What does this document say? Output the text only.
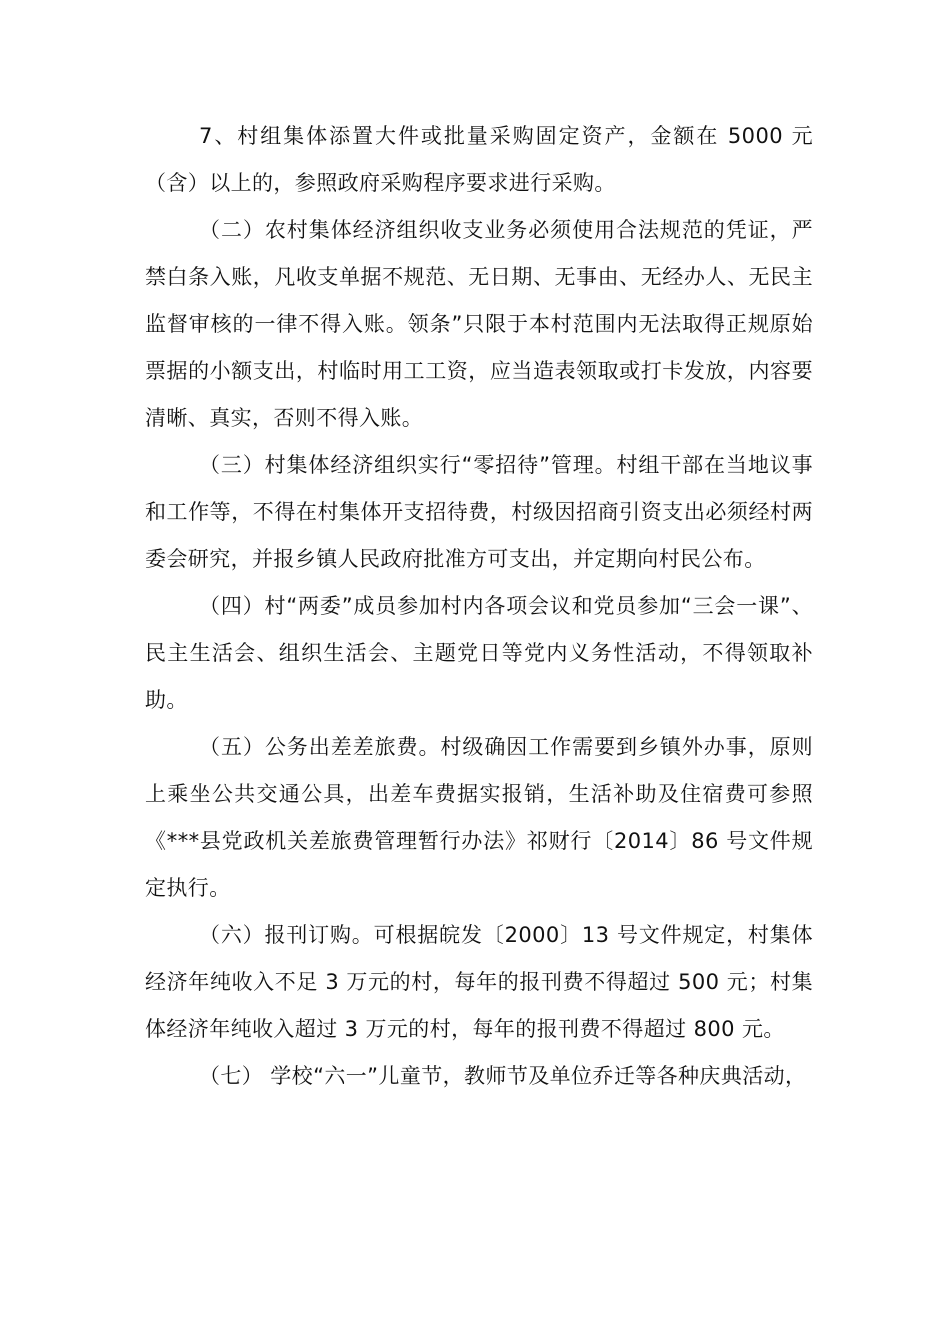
7、村组集体添置大件或批量采购固定资产，金额在 5000 元（含）以上的，参照政府采购程序要求进行采购。

（二）农村集体经济组织收支业务必须使用合法规范的凭证，严禁白条入账，凡收支单据不规范、无日期、无事由、无经办人、无民主监督审核的一律不得入账。领条”只限于本村范围内无法取得正规原始票据的小额支出，村临时用工工资，应当造表领取或打卡发放，内容要清晰、真实，否则不得入账。

（三）村集体经济组织实行“零招待”管理。村组干部在当地议事和工作等，不得在村集体开支招待费，村级因招商引资支出必须经村两委会研究，并报乡镇人民政府批准方可支出，并定期向村民公布。

（四）村“两委”成员参加村内各项会议和党员参加“三会一课”、民主生活会、组织生活会、主题党日等党内义务性活动，不得领取补助。

（五）公务出差差旅费。村级确因工作需要到乡镇外办事，原则上乘坐公共交通公具，出差车费据实报销，生活补助及住宿费可参照《***县党政机关差旅费管理暂行办法》祁财行〔2014〕86 号文件规定执行。

（六）报刊订购。可根据皖发〔2000〕13 号文件规定，村集体经济年纯收入不足 3 万元的村，每年的报刊费不得超过 500 元；村集体经济年纯收入超过 3 万元的村，每年的报刊费不得超过 800 元。

（七） 学校“六一”儿童节，教师节及单位乔迁等各种庆典活动，
